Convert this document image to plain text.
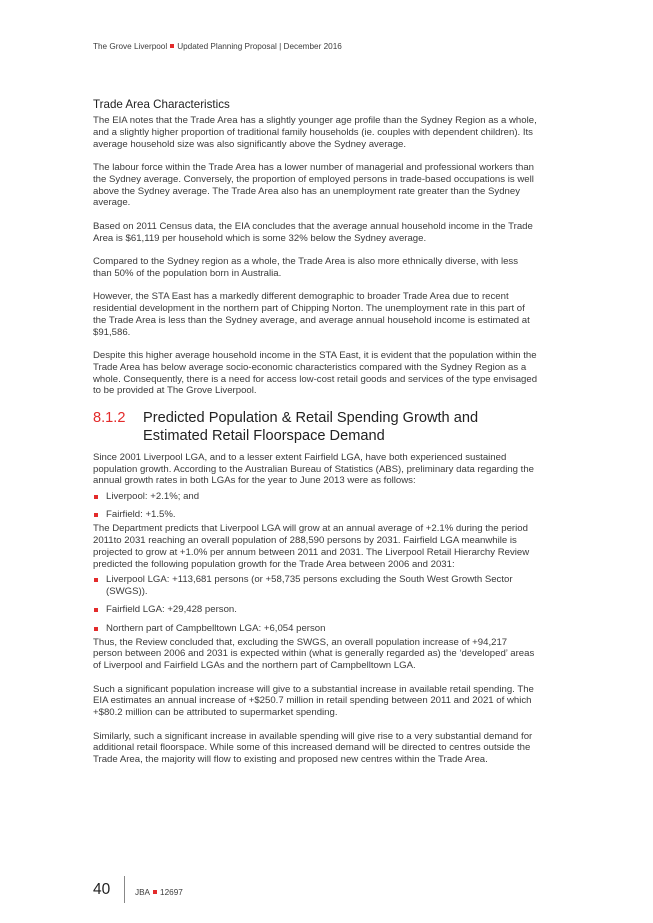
The Grove Liverpool Updated Planning Proposal | December 2016
Trade Area Characteristics

The EIA notes that the Trade Area has a slightly younger age profile than the Sydney Region as a whole, and a slightly higher proportion of traditional family households (ie. couples with dependent children). Its average household size was also significantly above the Sydney average.

The labour force within the Trade Area has a lower number of managerial and professional workers than the Sydney average. Conversely, the proportion of employed persons in trade-based occupations is well above the Sydney average. The Trade Area also has an unemployment rate greater than the Sydney average.

Based on 2011 Census data, the EIA concludes that the average annual household income in the Trade Area is $61,119 per household which is some 32% below the Sydney average.

Compared to the Sydney region as a whole, the Trade Area is also more ethnically diverse, with less than 50% of the population born in Australia.

However, the STA East has a markedly different demographic to broader Trade Area due to recent residential development in the northern part of Chipping Norton. The unemployment rate in this part of the Trade Area is less than the Sydney average, and average annual household income is estimated at $91,586.

Despite this higher average household income in the STA East, it is evident that the population within the Trade Area has below average socio-economic characteristics compared with the Sydney Region as a whole. Consequently, there is a need for access low-cost retail goods and services of the type envisaged to be provided at The Grove Liverpool.

8.1.2	Predicted Population & Retail Spending Growth and Estimated Retail Floorspace Demand

Since 2001 Liverpool LGA, and to a lesser extent Fairfield LGA, have both experienced sustained population growth. According to the Australian Bureau of Statistics (ABS), preliminary data regarding the annual growth rates in both LGAs for the year to June 2013 were as follows:

Liverpool: +2.1%; and
Fairfield: +1.5%.

The Department predicts that Liverpool LGA will grow at an annual average of +2.1% during the period 2011to 2031 reaching an overall population of 288,590 persons by 2031. Fairfield LGA meanwhile is projected to grow at +1.0% per annum between 2011 and 2031. The Liverpool Retail Hierarchy Review predicted the following population growth for the Trade Area between 2006 and 2031:

Liverpool LGA: +113,681 persons (or +58,735 persons excluding the South West Growth Sector (SWGS)).
Fairfield LGA: +29,428 person.
Northern part of Campbelltown LGA: +6,054 person

Thus, the Review concluded that, excluding the SWGS, an overall population increase of +94,217 person between 2006 and 2031 is expected within (what is generally regarded as) the ‘developed’ areas of Liverpool and Fairfield LGAs and the northern part of Campbelltown LGA.

Such a significant population increase will give to a substantial increase in available retail spending. The EIA estimates an annual increase of +$250.7 million in retail spending between 2011 and 2021 of which +$80.2 million can be attributed to supermarket spending.

Similarly, such a significant increase in available spending will give rise to a very substantial demand for additional retail floorspace. While some of this increased demand will be directed to centres outside the Trade Area, the majority will flow to existing and proposed new centres within the Trade Area.

40	JBA 12697
